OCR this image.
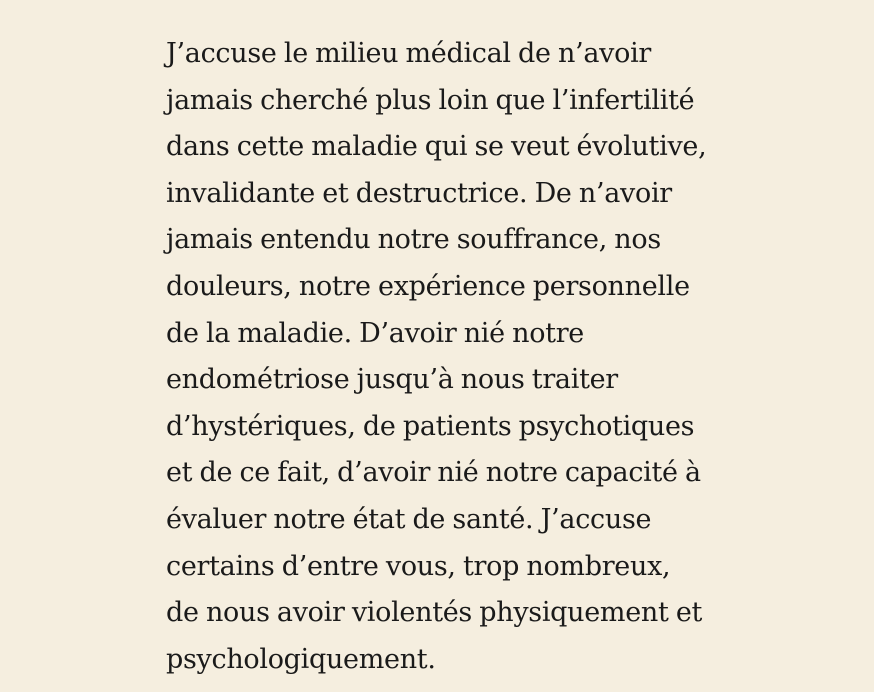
J’accuse le milieu médical de n’avoir
jamais cherché plus loin que l’infertilité
dans cette maladie qui se veut évolutive,
invalidante et destructrice. De n’avoir
jamais entendu notre souffrance, nos
douleurs, notre expérience personnelle
de la maladie. D’avoir nié notre
endométriose jusqu’à nous traiter
d’hystériques, de patients psychotiques
et de ce fait, d’avoir nié notre capacité à
évaluer notre état de santé. J’accuse
certains d’entre vous, trop nombreux,
de nous avoir violentés physiquement et
psychologiquement.
